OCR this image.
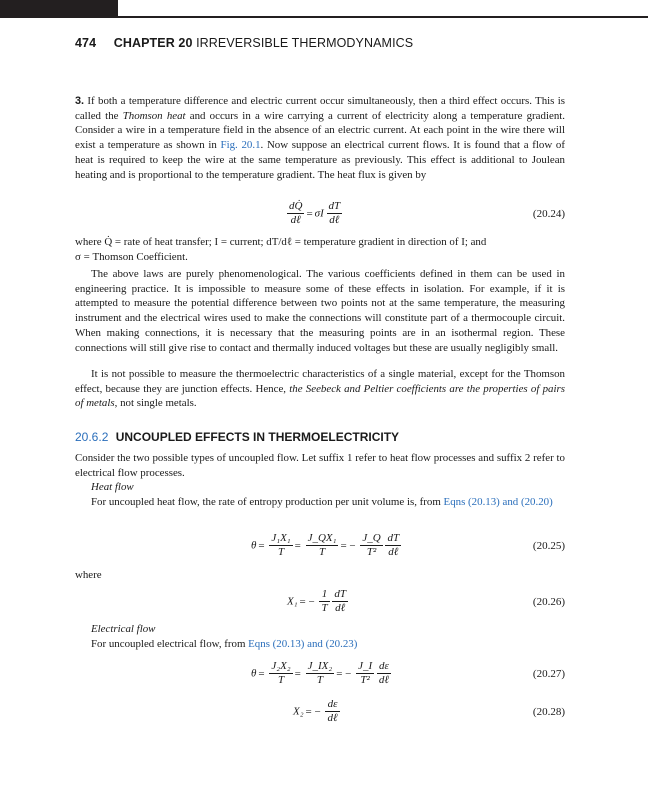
474 CHAPTER 20 IRREVERSIBLE THERMODYNAMICS

3. If both a temperature difference and electric current occur simultaneously, then a third effect occurs. This is called the Thomson heat and occurs in a wire carrying a current of electricity along a temperature gradient. Consider a wire in a temperature field in the absence of an electric current. At each point in the wire there will exist a temperature as shown in Fig. 20.1. Now suppose an electrical current flows. It is found that a flow of heat is required to keep the wire at the same temperature as previously. This effect is additional to Joulean heating and is proportional to the temperature gradient. The heat flux is given by

$\frac{dQ̇}{\text{dℓ}} = \sigma I \frac{dT}{\text{dℓ}}$	(20.24)

where Q̇ = rate of heat transfer; I = current; dT/dℓ = temperature gradient in direction of I; and

σ = Thomson Coefficient.

The above laws are purely phenomenological. The various coefficients defined in them can be used in engineering practice. It is impossible to measure some of these effects in isolation. For example, if it is attempted to measure the potential difference between two points not at the same temperature, the measuring instrument and the electrical wires used to make the connections will constitute part of a thermocouple circuit. When making connections, it is necessary that the measuring points are in an isothermal region. These connections will still give rise to contact and thermally induced voltages but these are usually negligibly small.

It is not possible to measure the thermoelectric characteristics of a single material, except for the Thomson effect, because they are junction effects. Hence, the Seebeck and Peltier coefficients are the properties of pairs of metals, not single metals.

20.6.2 UNCOUPLED EFFECTS IN THERMOELECTRICITY

Consider the two possible types of uncoupled flow. Let suffix 1 refer to heat flow processes and suffix 2 refer to electrical flow processes.

Heat flow

For uncoupled heat flow, the rate of entropy production per unit volume is, from Eqns (20.13) and (20.20)

$\theta = \frac{\text{J₁X₁}}{T} = \frac{\text{J\_QX₁}}{T}$ = − $\frac{J\_Q}{\text{T²}}$
$\frac{dT}{\text{dℓ}}$	(20.25)

where

X₁ = − $\frac{1}{T}$
$\frac{dT}{\text{dℓ}}$	(20.26)

Electrical flow

For uncoupled electrical flow, from Eqns (20.13) and (20.23)

$\theta = \frac{\text{J₂X₂}}{T} = \frac{\text{J\_IX₂}}{T}$ = − $\frac{J\_I}{\text{T²}}$
$\frac{d\varepsilon}{\text{dℓ}}$	(20.27)
X₂ = − $\frac{d\varepsilon}{\text{dℓ}}$	(20.28)
